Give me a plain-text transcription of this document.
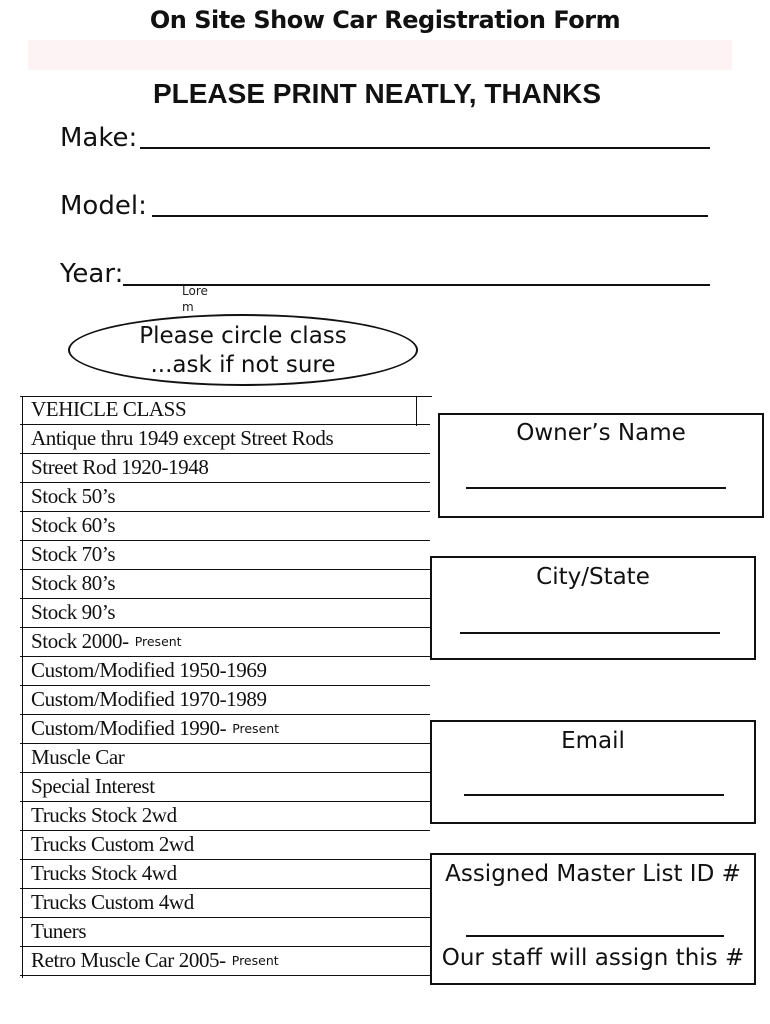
On Site Show Car Registration Form
PLEASE PRINT NEATLY, THANKS
Make:
Model:
Year:
Lorem
Please circle class
...ask if not sure
VEHICLE CLASS
Antique thru 1949 except Street Rods
Street Rod 1920-1948
Stock 50’s
Stock 60’s
Stock 70’s
Stock 80’s
Stock 90’s
Stock 2000- Present
Custom/Modified 1950-1969
Custom/Modified 1970-1989
Custom/Modified 1990- Present
Muscle Car
Special Interest
Trucks Stock 2wd
Trucks Custom 2wd
Trucks Stock 4wd
Trucks Custom 4wd
Tuners
Retro Muscle Car 2005- Present
Owner’s Name
City/State
Email
Assigned Master List ID #
Our staff will assign this #
